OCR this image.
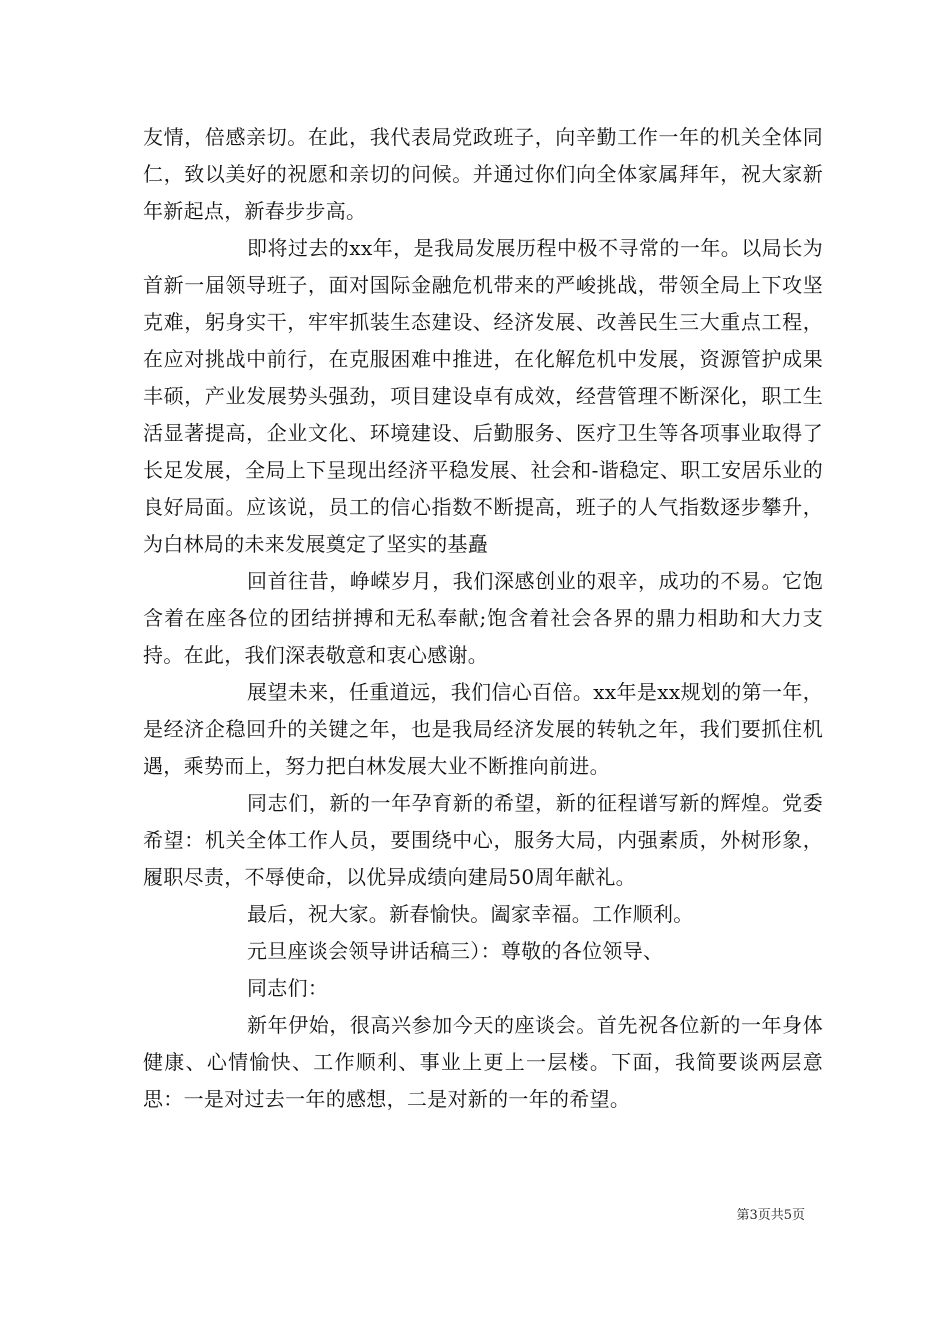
友情，倍感亲切。在此，我代表局党政班子，向辛勤工作一年的机关全体同仁，致以美好的祝愿和亲切的问候。并通过你们向全体家属拜年，祝大家新年新起点，新春步步高。

即将过去的xx年，是我局发展历程中极不寻常的一年。以局长为首新一届领导班子，面对国际金融危机带来的严峻挑战，带领全局上下攻坚克难，躬身实干，牢牢抓装生态建设、经济发展、改善民生三大重点工程，在应对挑战中前行，在克服困难中推进，在化解危机中发展，资源管护成果丰硕，产业发展势头强劲，项目建设卓有成效，经营管理不断深化，职工生活显著提高，企业文化、环境建设、后勤服务、医疗卫生等各项事业取得了长足发展，全局上下呈现出经济平稳发展、社会和-谐稳定、职工安居乐业的良好局面。应该说，员工的信心指数不断提高，班子的人气指数逐步攀升，为白林局的未来发展奠定了坚实的基矗

回首往昔，峥嵘岁月，我们深感创业的艰辛，成功的不易。它饱含着在座各位的团结拼搏和无私奉献;饱含着社会各界的鼎力相助和大力支持。在此，我们深表敬意和衷心感谢。

展望未来，任重道远，我们信心百倍。xx年是xx规划的第一年，是经济企稳回升的关键之年，也是我局经济发展的转轨之年，我们要抓住机遇，乘势而上，努力把白林发展大业不断推向前进。

同志们，新的一年孕育新的希望，新的征程谱写新的辉煌。党委希望：机关全体工作人员，要围绕中心，服务大局，内强素质，外树形象，履职尽责，不辱使命，以优异成绩向建局50周年献礼。

最后，祝大家。新春愉快。阖家幸福。工作顺利。

元旦座谈会领导讲话稿三）：尊敬的各位领导、

同志们：

新年伊始，很高兴参加今天的座谈会。首先祝各位新的一年身体健康、心情愉快、工作顺利、事业上更上一层楼。下面，我简要谈两层意思：一是对过去一年的感想，二是对新的一年的希望。

第3页共5页
